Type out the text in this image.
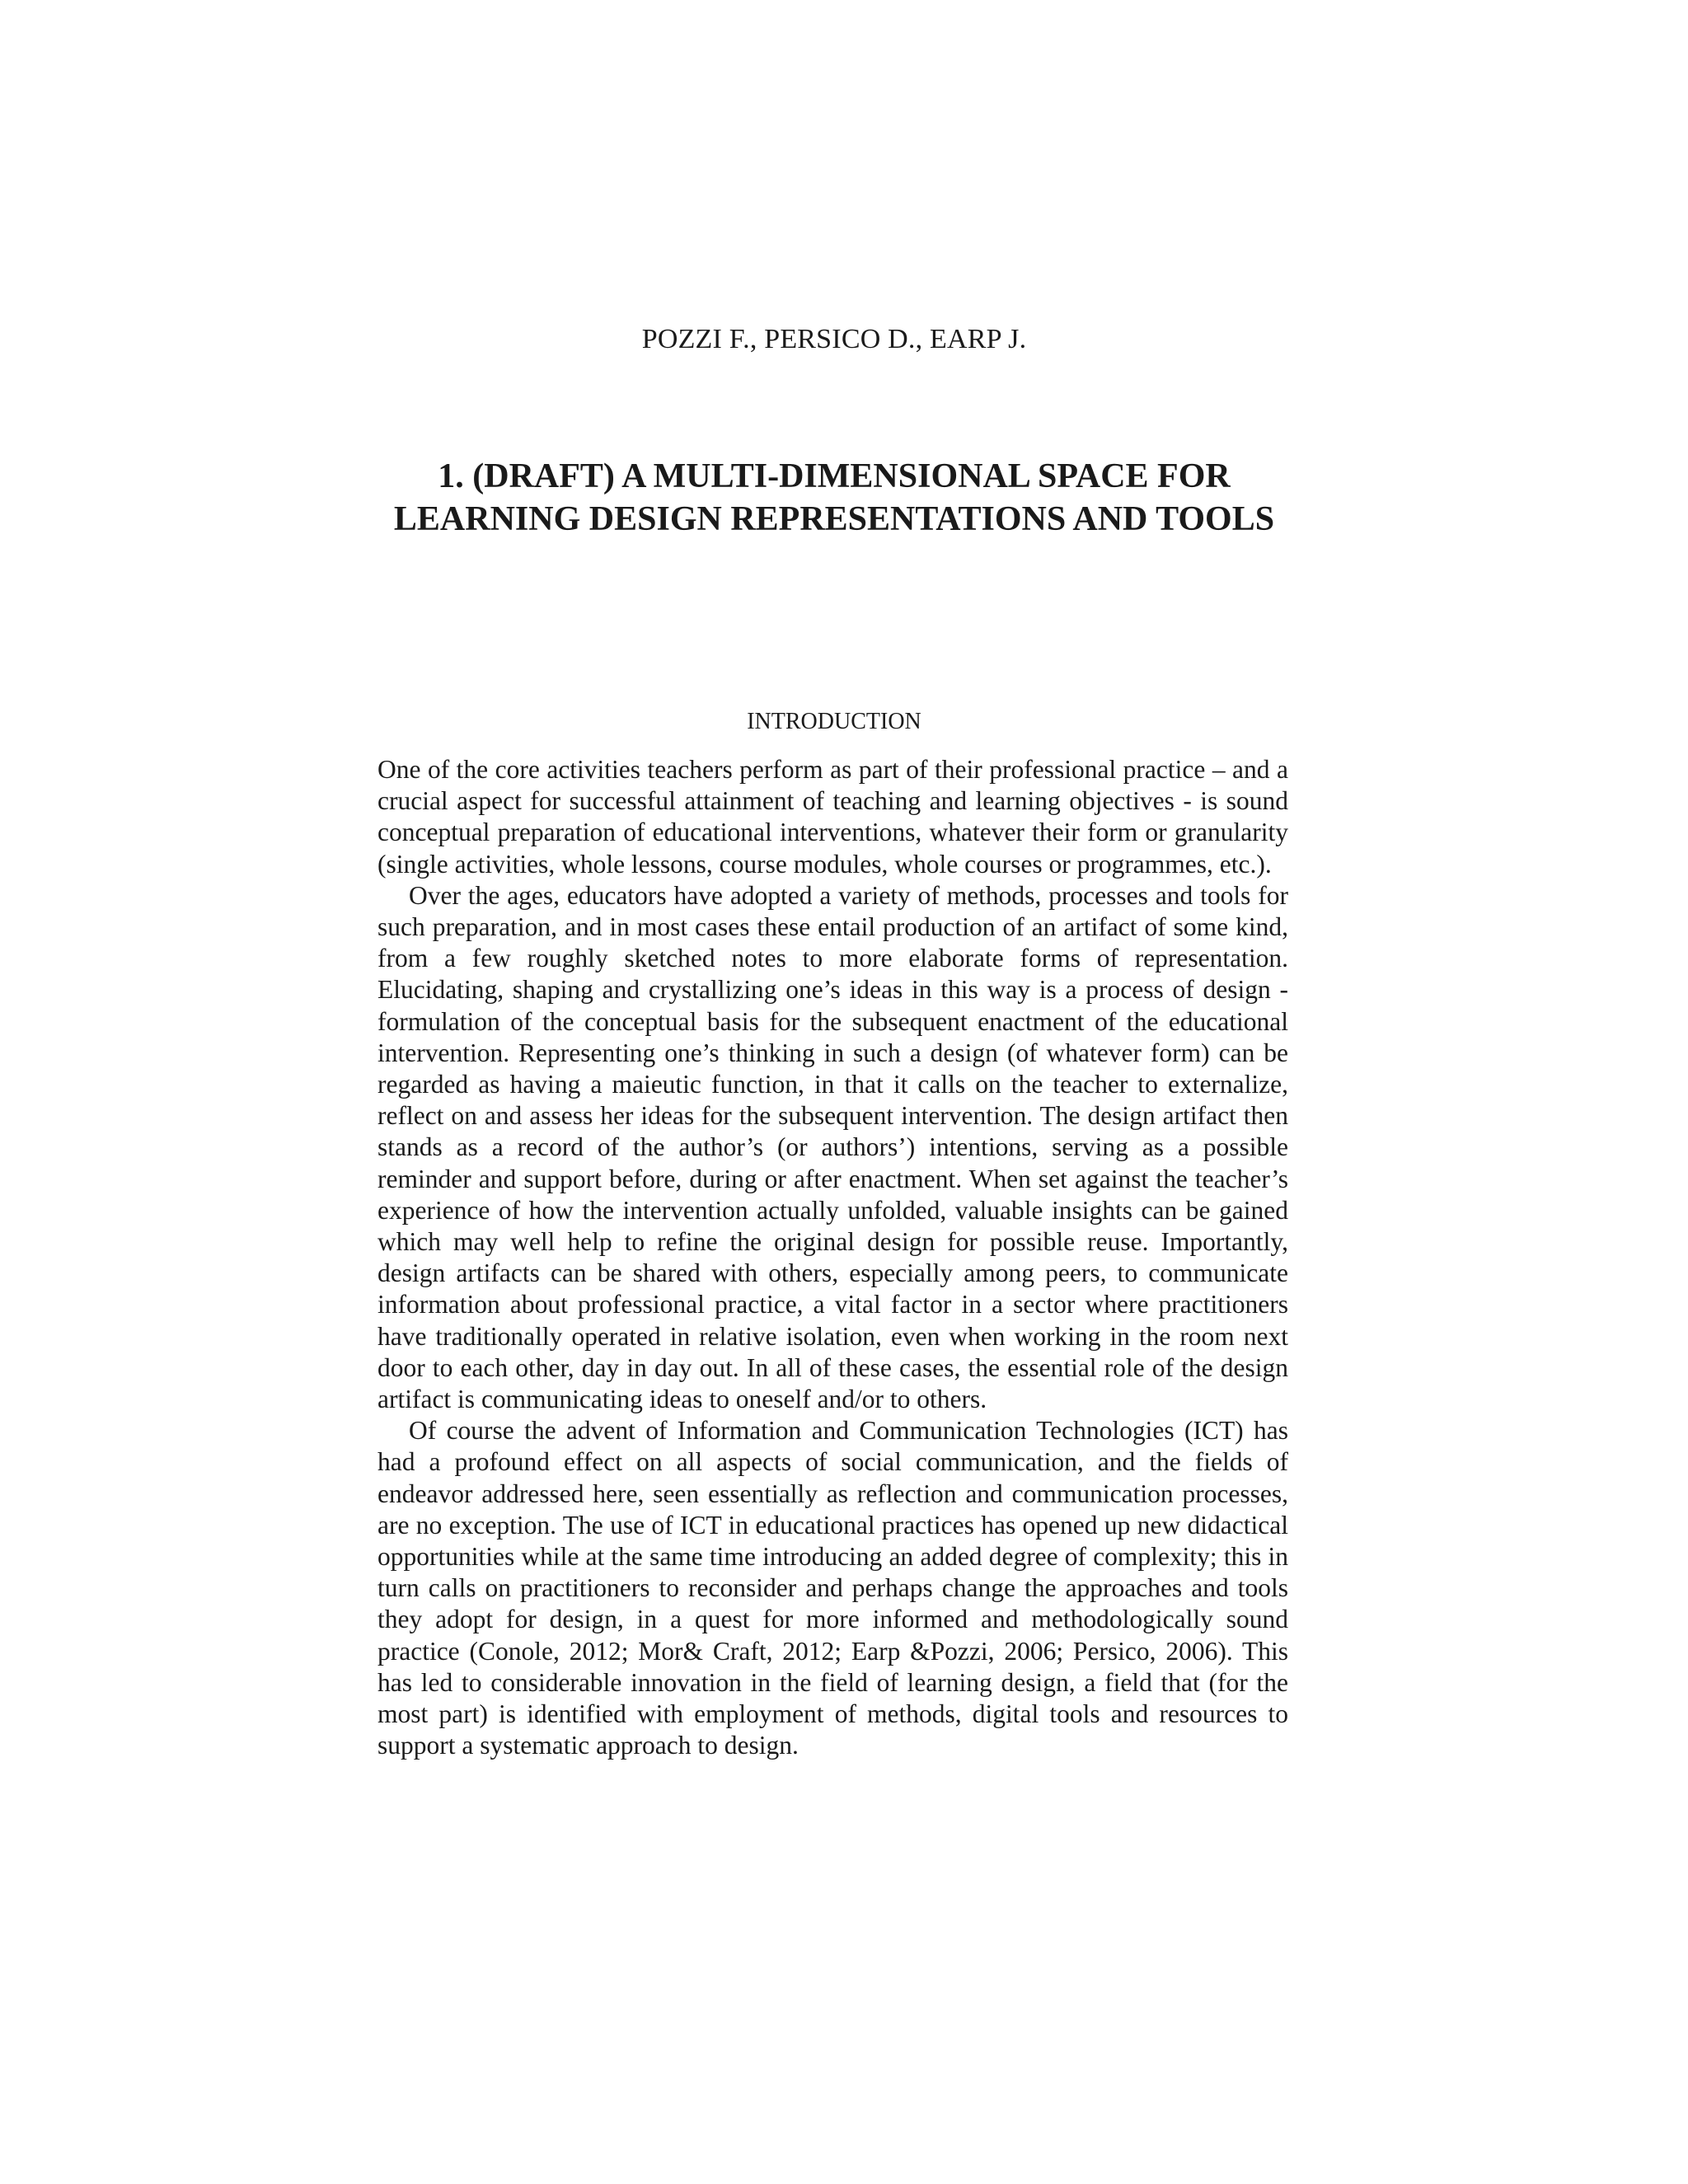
POZZI F., PERSICO D., EARP J.
1. (DRAFT) A MULTI-DIMENSIONAL SPACE FOR
LEARNING DESIGN REPRESENTATIONS AND TOOLS
INTRODUCTION

One of the core activities teachers perform as part of their professional practice – and a crucial aspect for successful attainment of teaching and learning objectives - is sound conceptual preparation of educational interventions, whatever their form or granularity (single activities, whole lessons, course modules, whole courses or programmes, etc.).

Over the ages, educators have adopted a variety of methods, processes and tools for such preparation, and in most cases these entail production of an artifact of some kind, from a few roughly sketched notes to more elaborate forms of representation. Elucidating, shaping and crystallizing one’s ideas in this way is a process of design - formulation of the conceptual basis for the subsequent enactment of the educational intervention. Representing one’s thinking in such a design (of whatever form) can be regarded as having a maieutic function, in that it calls on the teacher to externalize, reflect on and assess her ideas for the subsequent intervention. The design artifact then stands as a record of the author’s (or authors’) intentions, serving as a possible reminder and support before, during or after enactment. When set against the teacher’s experience of how the intervention actually unfolded, valuable insights can be gained which may well help to refine the original design for possible reuse. Importantly, design artifacts can be shared with others, especially among peers, to communicate information about professional practice, a vital factor in a sector where practitioners have traditionally operated in relative isolation, even when working in the room next door to each other, day in day out. In all of these cases, the essential role of the design artifact is communicating ideas to oneself and/or to others.

Of course the advent of Information and Communication Technologies (ICT) has had a profound effect on all aspects of social communication, and the fields of endeavor addressed here, seen essentially as reflection and communication processes, are no exception. The use of ICT in educational practices has opened up new didactical opportunities while at the same time introducing an added degree of complexity; this in turn calls on practitioners to reconsider and perhaps change the approaches and tools they adopt for design, in a quest for more informed and methodologically sound practice (Conole, 2012; Mor& Craft, 2012; Earp &Pozzi, 2006; Persico, 2006). This has led to considerable innovation in the field of learning design, a field that (for the most part) is identified with employment of methods, digital tools and resources to support a systematic approach to design.
